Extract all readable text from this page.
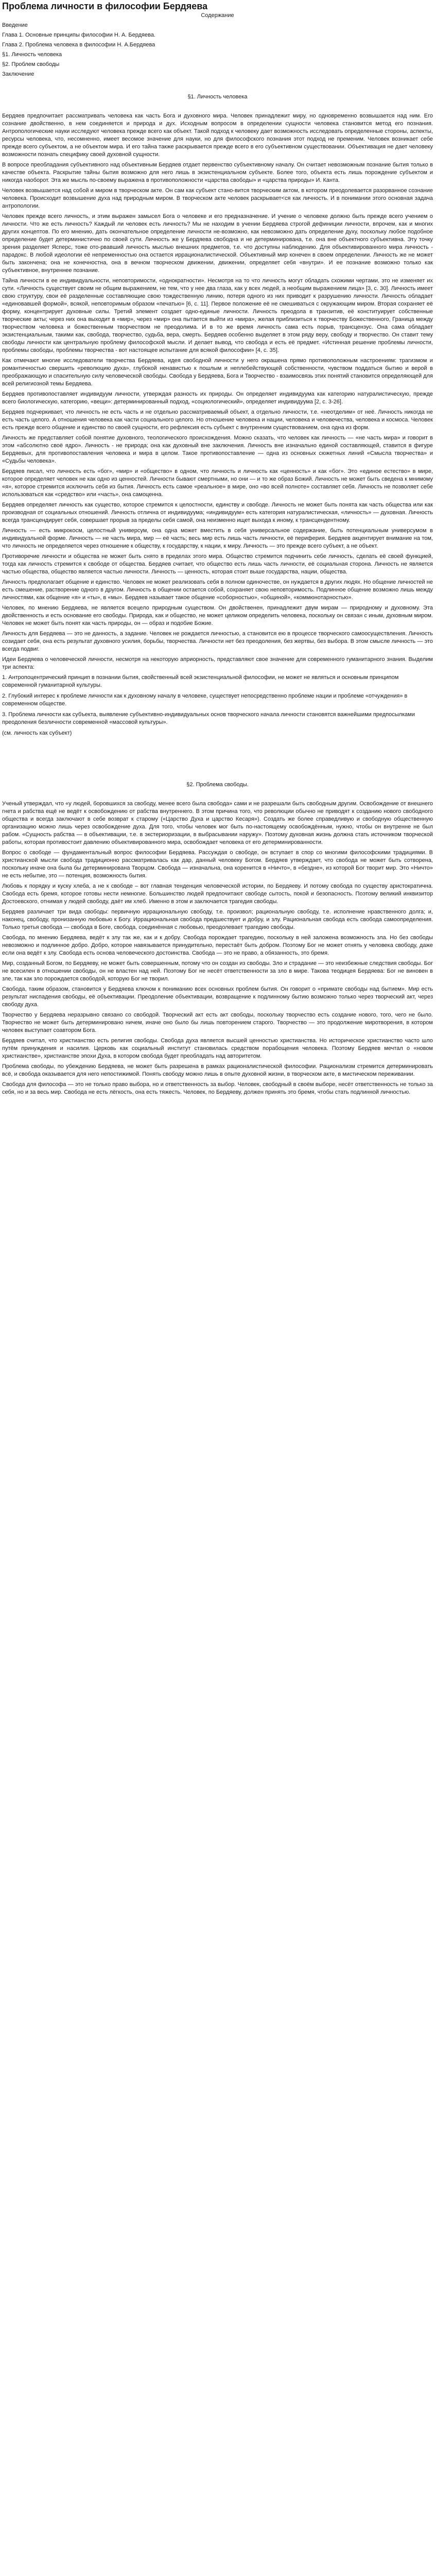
Проблема личности в философии Бердяева
Содержание
Введение
Глава 1. Основные принципы философии Н. А. Бердяева.
Глава 2. Проблема человека в философии Н. А.Бердяева
§1. Личность человека
§2. Проблем свободы
Заключение
§1. Личность человека

Бердяев предпочитает рассматривать человека как часть Бога и духовного мира. Человек принадлежит миру, но одновременно возвышается над ним. Его сознание двойственно, в нем соединяется и природа и дух. Исходным вопросом в определении сущности человека становится метод его познания. Антропологические науки исследуют человека прежде всего как объект. Такой подход к человеку дает возможность исследовать определенные стороны, аспекты, ресурсы человека, что, несомненно, имеет весомое значение для науки, но для философского познания этот подход не пременим. Человек возникает себе прежде всего субъектом, а не объектом мира. И его тайна также раскрывается прежде всего в его субъективном существовании. Объективация не дает человеку возможности познать специфику своей духовной сущности.

В вопросе преобладания субъективного над объективным Бердяев отдает первенство субъективному началу. Он считает невозможным познание бытия только в качестве объекта. Раскрытие тайны бытия возможно для него лишь в экзистенциальном субъекте. Более того, объекта есть лишь порождение субъектом и никогда наоборот. Эта же мысль по-своему выражена в противоположности «царства свободы» и «царства природы» И. Канта.

Человек возвышается над собой и миром в творческом акте. Он сам как субъект стано-вится творческим актом, в котором преодолевается разорванное сознание человека. Происходит возвышение духа над природным миром. В творческом акте человек раскрывает<ся как личность. И в понимании этого основная задача антропологии.

Человек прежде всего личность, и этим выражен замысел Бога о человеке и его предназначение. И учение о человеке должно быть прежде всего учением о личности. Что же есть личность? Каждый ли человек есть личность? Мы не находим в учении Бердяева строгой дефиниции личности, впрочем, как и многих других концептов. По его мнению, дать окончательное определение личности не-возможно, как невозможно дать определение духу, поскольку любое подобное определение будет детерминистично по своей сути. Личность же у Бердяева свободна и не детерминирована, т.е. она вне объектного субъективна. Эту точку зрения разделяет Ясперс, тоже ото-рвавший личность мыслью внешних предметов, т.е. что доступны наблюдению. Для объективированного мира личность - парадокс. В любой идеологии её непременностью она остается иррационалистической. Объективный мир конечен в своем определении. Личность же не может быть закончена; она не конечностна, она в вечном творческом движении, движении, определяет себя «внутри». И ее познание возможно только как субъективное, внутреннее познание.

Тайна личности в ее индивидуальности, неповторимости, «однократности». Несмотря на то что личность могут обладать схожими чертами, это не изменяет их сути. «Личность существует своим не общим выражением, не тем, что у нее два глаза, как у всех людей, а необщим выражением лица» [3, с. 30]. Личность имеет свою структуру, свои её разделенные составляющие свою тождественную линию, потеря одного из них приводит к разрушению личности. Личность обладает «единовавшей формой», всякой, неповторимым образом «печатью» [6, с. 11]. Первое положение её не смешиваться с окружающим миром. Вторая сохраняет её форму, концентрирует духовные силы. Третий элемент создает одно-единые личности. Личность преодола в транзитив, её конституирует собственные творческие акты; через них она выходит в «мир», через «мир» она пытается выйти из «мира», желая приблизиться к творчеству Божественного, Граница между творчеством человека и божественным творчеством не преодолима. И в то же время личность сама есть порыв, трансцензус. Она сама обладает экзистенциальным, такими как, свобода, творчество, судьба, вера, смерть. Бердяев особенно выделяет в этом ряду веру, свободу и творчество. Он ставит тему свободы личности как центральную проблему философской мысли. И делает вывод, что свобода и есть её предмет. «Истинная решение проблемы личности, проблемы свободы, проблемы творчества - вот настоящее испытание для всякой философии» [4, с. 35].

Как отмечают многие исследователи творчества Бердяева, идея свободной личности у него окрашена прямо противоположным настроениям: трагизмом и романтичностью свершить «революцию духа», глубокой ненавистью к пошлым и неплебействующей собственности, чувством поддаться бытию и верой в преображающую и спасительную силу человеческой свободы. Свобода у Бердяева, Бога и Творчество - взаимосвязь этих понятий становится определяющей для всей религиозной темы Бердяева.

Бердяев противопоставляет индивидуум личности, утверждая разность их природы. Он определяет индивидуума как категорию натуралистическую, прежде всего биологическую, категорию, «вещи»: детерминированный подход, «социологический», определяет индивидуума [2, с. 3-26].

Бердяев подчеркивает, что личность не есть часть и не отдельно рассматриваемый объект, а отдельно личности, т.е. «неотделим» от неё. Личность никогда не есть часть целого. А отношения человека как части социального целого. Но отношение человека и нации, человека и человечества, человека и космоса. Человек есть прежде всего общение и единство по своей сущности, его рефлексия есть субъект с внутренним существованием, она одна из форм.

Личность же представляет собой понятие духовного, теологического происхождения. Можно сказать, что человек как личность — «не часть мира» и говорит в этом «абсолютно своё ядро». Личность - не природа; она как духовный вне заключения. Личность вне изначально единой составляющей, ставится в фигуре Бердяевых, для противопоставления человека и мира в целом. Такое противопоставление — одна из основных сюжетных линий «Смысла творчества» и «Судьбы человека».

Бердяев писал, что личность есть «бог», «мир» и «общество» в одном, что личность и личность как «ценность» и как «бог». Это «единое естество» в мире, которое определяет человек не как одно из ценностей. Личности бывают смертными, но они — и то же образ Божий. Личность не может быть сведена к мнимому «я», которое стремится исключить себя из бытия. Личность есть самое «реальное» в мире, оно «во всей полноте» составляет себя. Личность не позволяет себе использоваться как «средство» или «часть», она самоценна.

Бердяев определяет личность как существо, которое стремится к целостности, единству и свободе. Личность не может быть понята как часть общества или как производная от социальных отношений. Личность отлична от индивидуума; «индивидуум» есть категория натуралистическая, «личность» — духовная. Личность всегда трансцендирует себя, совершает прорыв за пределы себя самой, она неизменно ищет выхода к иному, к трансцендентному.

Личность — есть микрокосм, целостный универсум, она одна может вместить в себя универсальное содержание, быть потенциальным универсумом в индивидуальной форме. Личность — не часть мира, мир — её часть; весь мир есть лишь часть личности, её периферия. Бердяев акцентирует внимание на том, что личность не определяется через отношение к обществу, к государству, к нации, к миру. Личность — это прежде всего субъект, а не объект.

Противоречие личности и общества не может быть снято в пределах этого мира. Общество стремится подчинить себе личность, сделать её своей функцией, тогда как личность стремится к свободе от общества. Бердяев считает, что общество есть лишь часть личности, её социальная сторона. Личность не является частью общества, общество является частью личности. Личность — ценность, которая стоит выше государства, нации, общества.

Личность предполагает общение и единство. Человек не может реализовать себя в полном одиночестве, он нуждается в других людях. Но общение личностей не есть смешение, растворение одного в другом. Личность в общении остается собой, сохраняет свою неповторимость. Подлинное общение возможно лишь между личностями, как общение «я» и «ты», в «мы». Бердяев называет такое общение «соборностью», «общиной», «коммюнотарностью».

Человек, по мнению Бердяева, не является всецело природным существом. Он двойственен, принадлежит двум мирам — природному и духовному. Эта двойственность и есть основание его свободы. Природа, как и общество, не может целиком определить человека, поскольку он связан с иным, духовным миром. Человек не может быть понят как часть природы, он — образ и подобие Божие.

Личность для Бердяева — это не данность, а задание. Человек не рождается личностью, а становится ею в процессе творческого самоосуществления. Личность созидает себя, она есть результат духовного усилия, борьбы, творчества. Личности нет без преодоления, без жертвы, без выбора. В этом смысле личность — это всегда подвиг.

Идеи Бердяева о человеческой личности, несмотря на некоторую априорность, представляют свое значение для современного гуманитарного знания. Выделим три аспекта:

1. Антропоцентрический принцип в познании бытия, свойственный всей экзистенциальной философии, не может не являться и основным принципом современной гуманитарной культуры.

2. Глубокий интерес к проблеме личности как к духовному началу в человеке, существует непосредственно проблеме нации и проблеме «отчуждения» в современном обществе.

3. Проблема личности как субъекта, выявление субъективно-индивидуальных основ творческого начала личности становятся важнейшими предпосылками преодоления безличности современной «массовой культуры».

(см. личность как субъект)

§2. Проблема свободы.

Ученый утверждал, что «у людей, боровшихся за свободу, менее всего была свобода» сами и не разрешали быть свободным другим. Освобождение от внешнего гнета и рабства ещё не ведёт к освобождению от рабства внутреннего. В этом причина того, что революции обычно не приводят к созданию нового свободного общества и всегда заключают в себе возврат к старому («Царство Духа и царство Кесаря»). Создать же более справедливую и свободную общественную организацию можно лишь через освобождение духа. Для того, чтобы человек мог быть по-настоящему освобождённым, нужно, чтобы он внутренне не был рабом. «Сущность рабства — в объективации, т.е. в экстериоризации, в выбрасывании наружу». Поэтому духовная жизнь должна стать источником творческой работы, которая противостоит давлению объективированного мира, освобождает человека от его детерминированности.

Вопрос о свободе — фундаментальный вопрос философии Бердяева. Рассуждая о свободе, он вступает в спор со многими философскими традициями. В христианской мысли свобода традиционно рассматривалась как дар, данный человеку Богом. Бердяев утверждает, что свобода не может быть сотворена, поскольку иначе она была бы детерминирована Творцом. Свобода — изначальна, она коренится в «Ничто», в «бездне», из которой Бог творит мир. Это «Ничто» не есть небытие, это — потенция, возможность бытия.

Любовь к порядку и куску хлеба, а не к свободе – вот главная тенденция человеческой истории, по Бердяеву. И потому свобода по существу аристократична. Свобода есть бремя, которое готовы нести немногие. Большинство людей предпочитают свободе сытость, покой и безопасность. Поэтому великий инквизитор Достоевского, отнимая у людей свободу, даёт им хлеб. Именно в этом и заключается трагедия свободы.

Бердяев различает три вида свободы: первичную иррациональную свободу, т.е. произвол; рациональную свободу, т.е. исполнение нравственного долга; и, наконец, свободу, пронизанную любовью к Богу. Иррациональная свобода предшествует и добру, и злу. Рациональная свобода есть свобода самоопределения. Только третья свобода — свобода в Боге, свобода, соединённая с любовью, преодолевает трагедию свободы.

Свобода, по мнению Бердяева, ведёт к злу так же, как и к добру. Свобода порождает трагедию, поскольку в ней заложена возможность зла. Но без свободы невозможно и подлинное добро. Добро, которое навязывается принудительно, перестаёт быть добром. Поэтому Бог не может отнять у человека свободу, даже если она ведёт к злу. Свобода есть основа человеческого достоинства. Свобода — это не право, а обязанность, это бремя.

Мир, созданный Богом, по Бердяеву, не может быть совершенным, потому что он создан из свободы. Зло и страдание — это неизбежные следствия свободы. Бог не всесилен в отношении свободы, он не властен над ней. Поэтому Бог не несёт ответственности за зло в мире. Такова теодицея Бердяева: Бог не виновен в зле, так как зло порождается свободой, которую Бог не творил.

Свобода, таким образом, становится у Бердяева ключом к пониманию всех основных проблем бытия. Он говорит о «примате свободы над бытием». Мир есть результат ниспадения свободы, её объективации. Преодоление объективации, возвращение к подлинному бытию возможно только через творческий акт, через свободу духа.

Творчество у Бердяева неразрывно связано со свободой. Творческий акт есть акт свободы, поскольку творчество есть создание нового, того, чего не было. Творчество не может быть детерминировано ничем, иначе оно было бы лишь повторением старого. Творчество — это продолжение миротворения, в котором человек выступает соавтором Бога.

Бердяев считал, что христианство есть религия свободы. Свобода духа является высшей ценностью христианства. Но историческое христианство часто шло путём принуждения и насилия. Церковь как социальный институт становилась средством порабощения человека. Поэтому Бердяев мечтал о «новом христианстве», христианстве эпохи Духа, в котором свобода будет преобладать над авторитетом.

Проблема свободы, по убеждению Бердяева, не может быть разрешена в рамках рационалистической философии. Рационализм стремится детерминировать всё, и свобода оказывается для него непостижимой. Понять свободу можно лишь в опыте духовной жизни, в творческом акте, в мистическом переживании.

Свобода для философа — это не только право выбора, но и ответственность за выбор. Человек, свободный в своём выборе, несёт ответственность не только за себя, но и за весь мир. Свобода не есть лёгкость, она есть тяжесть. Человек, по Бердяеву, должен принять это бремя, чтобы стать подлинной личностью.
